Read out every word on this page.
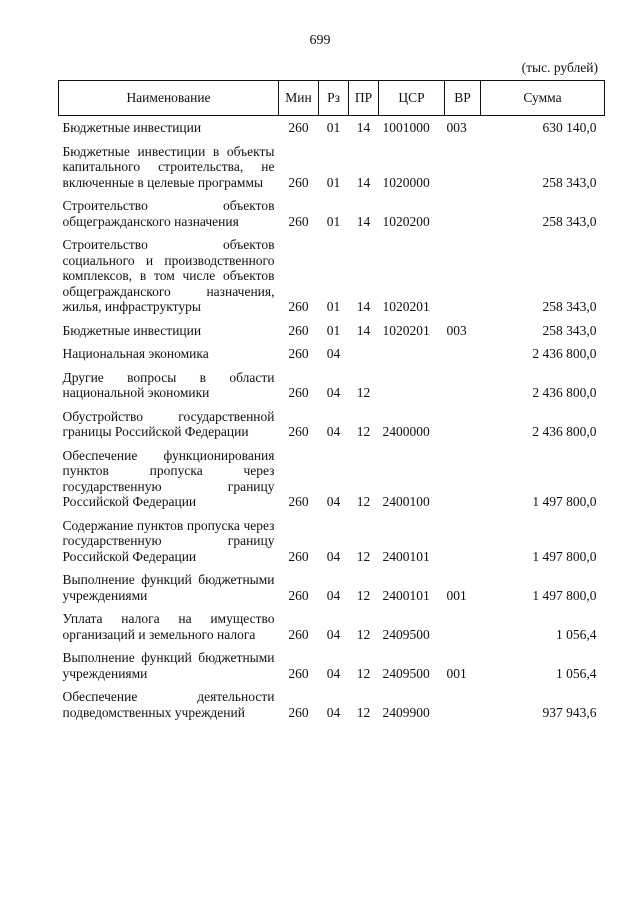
699
(тыс. рублей)
Наименование	Мин	Рз	ПР	ЦСР	ВР	Сумма
Бюджетные инвестиции	260	01	14	1001000	003	630 140,0
Бюджетные инвестиции в объекты капитального строительства, не включенные в целевые программы	260	01	14	1020000		258 343,0
Строительство объектов общегражданского назначения	260	01	14	1020200		258 343,0
Строительство объектов социального и производственного комплексов, в том числе объектов общегражданского назначения, жилья, инфраструктуры	260	01	14	1020201		258 343,0
Бюджетные инвестиции	260	01	14	1020201	003	258 343,0
Национальная экономика	260	04				2 436 800,0
Другие вопросы в области национальной экономики	260	04	12			2 436 800,0
Обустройство государственной границы Российской Федерации	260	04	12	2400000		2 436 800,0
Обеспечение функционирования пунктов пропуска через государственную границу Российской Федерации	260	04	12	2400100		1 497 800,0
Содержание пунктов пропуска через государственную границу Российской Федерации	260	04	12	2400101		1 497 800,0
Выполнение функций бюджетными учреждениями	260	04	12	2400101	001	1 497 800,0
Уплата налога на имущество организаций и земельного налога	260	04	12	2409500		1 056,4
Выполнение функций бюджетными учреждениями	260	04	12	2409500	001	1 056,4
Обеспечение деятельности подведомственных учреждений	260	04	12	2409900		937 943,6
